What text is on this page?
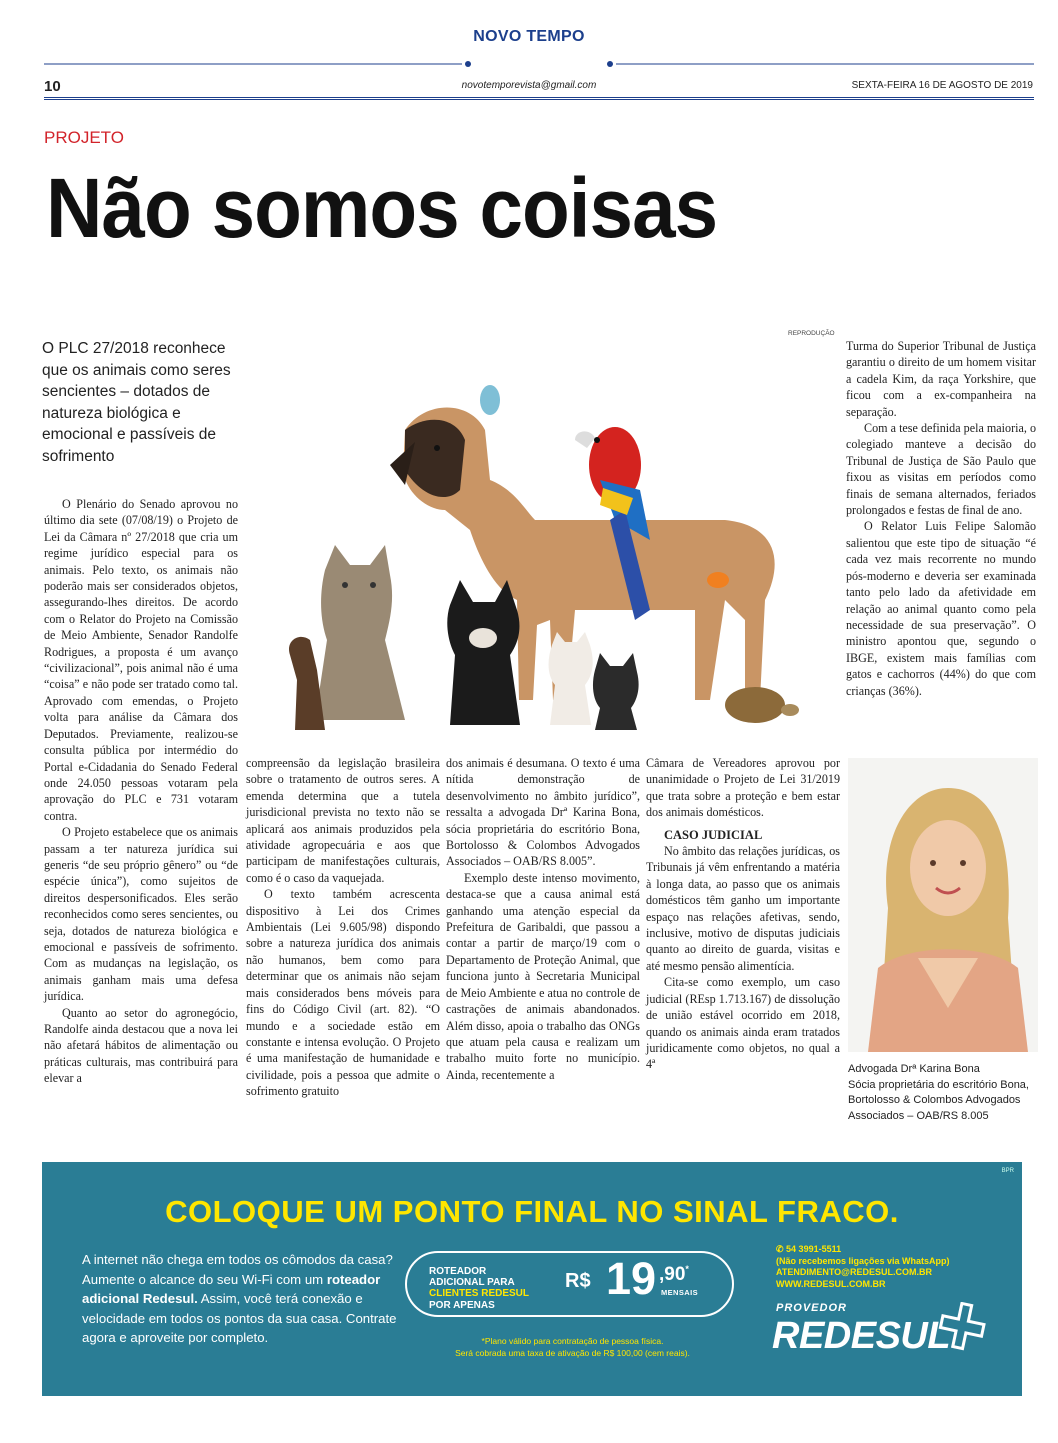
NOVO TEMPO
10	novotemporevista@gmail.com	SEXTA-FEIRA 16 DE AGOSTO DE 2019
PROJETO
Não somos coisas
O PLC 27/2018 reconhece que os animais como seres sencientes – dotados de natureza biológica e emocional e passíveis de sofrimento
REPRODUÇÃO

O Plenário do Senado aprovou no último dia sete (07/08/19) o Projeto de Lei da Câmara nº 27/2018 que cria um regime jurídico especial para os animais. Pelo texto, os animais não poderão mais ser considerados objetos, assegurando-lhes direitos. De acordo com o Relator do Projeto na Comissão de Meio Ambiente, Senador Randolfe Rodrigues, a proposta é um avanço “civilizacional”, pois animal não é uma “coisa” e não pode ser tratado como tal. Aprovado com emendas, o Projeto volta para análise da Câmara dos Deputados. Previamente, realizou-se consulta pública por intermédio do Portal e-Cidadania do Senado Federal onde 24.050 pessoas votaram pela aprovação do PLC e 731 votaram contra.

O Projeto estabelece que os animais passam a ter natureza jurídica sui generis “de seu próprio gênero” ou “de espécie única”), como sujeitos de direitos despersonificados. Eles serão reconhecidos como seres sencientes, ou seja, dotados de natureza biológica e emocional e passíveis de sofrimento. Com as mudanças na legislação, os animais ganham mais uma defesa jurídica.

Quanto ao setor do agronegócio, Randolfe ainda destacou que a nova lei não afetará hábitos de alimentação ou práticas culturais, mas contribuirá para elevar a

compreensão da legislação brasileira sobre o tratamento de outros seres. A emenda determina que a tutela jurisdicional prevista no texto não se aplicará aos animais produzidos pela atividade agropecuária e aos que participam de manifestações culturais, como é o caso da vaquejada.

O texto também acrescenta dispositivo à Lei dos Crimes Ambientais (Lei 9.605/98) dispondo sobre a natureza jurídica dos animais não humanos, bem como para determinar que os animais não sejam mais considerados bens móveis para fins do Código Civil (art. 82). “O mundo e a sociedade estão em constante e intensa evolução. O Projeto é uma manifestação de humanidade e civilidade, pois a pessoa que admite o sofrimento gratuito

dos animais é desumana. O texto é uma nítida demonstração de desenvolvimento no âmbito jurídico”, ressalta a advogada Drª Karina Bona, sócia proprietária do escritório Bona, Bortolosso & Colombos Advogados Associados – OAB/RS 8.005”.

Exemplo deste intenso movimento, destaca-se que a causa animal está ganhando uma atenção especial da Prefeitura de Garibaldi, que passou a contar a partir de março/19 com o Departamento de Proteção Animal, que funciona junto à Secretaria Municipal de Meio Ambiente e atua no controle de castrações de animais abandonados. Além disso, apoia o trabalho das ONGs que atuam pela causa e realizam um trabalho muito forte no município. Ainda, recentemente a

Câmara de Vereadores aprovou por unanimidade o Projeto de Lei 31/2019 que trata sobre a proteção e bem estar dos animais domésticos.

CASO JUDICIAL

No âmbito das relações jurídicas, os Tribunais já vêm enfrentando a matéria à longa data, ao passo que os animais domésticos têm ganho um importante espaço nas relações afetivas, sendo, inclusive, motivo de disputas judiciais quanto ao direito de guarda, visitas e até mesmo pensão alimentícia.

Cita-se como exemplo, um caso judicial (REsp 1.713.167) de dissolução de união estável ocorrido em 2018, quando os animais ainda eram tratados juridicamente como objetos, no qual a 4ª

Turma do Superior Tribunal de Justiça garantiu o direito de um homem visitar a cadela Kim, da raça Yorkshire, que ficou com a ex-companheira na separação.

Com a tese definida pela maioria, o colegiado manteve a decisão do Tribunal de Justiça de São Paulo que fixou as visitas em períodos como finais de semana alternados, feriados prolongados e festas de final de ano.

O Relator Luis Felipe Salomão salientou que este tipo de situação “é cada vez mais recorrente no mundo pós-moderno e deveria ser examinada tanto pelo lado da afetividade em relação ao animal quanto como pela necessidade de sua preservação”. O ministro apontou que, segundo o IBGE, existem mais famílias com gatos e cachorros (44%) do que com crianças (36%).

Advogada Drª Karina Bona
Sócia proprietária do escritório Bona, Bortolosso & Colombos Advogados Associados – OAB/RS 8.005
BPR
COLOQUE UM PONTO FINAL NO SINAL FRACO.
A internet não chega em todos os cômodos da casa? Aumente o alcance do seu Wi-Fi com um roteador adicional Redesul. Assim, você terá conexão e velocidade em todos os pontos da sua casa. Contrate agora e aproveite por completo.
ROTEADOR
ADICIONAL PARA
CLIENTES REDESUL
POR APENAS
R$ 19 ,90*
MENSAIS
*Plano válido para contratação de pessoa física.
Será cobrada uma taxa de ativação de R$ 100,00 (cem reais).
✆ 54 3991-5511
(Não recebemos ligações via WhatsApp)
ATENDIMENTO@REDESUL.COM.BR
WWW.REDESUL.COM.BR
PROVEDOR
REDESUL
